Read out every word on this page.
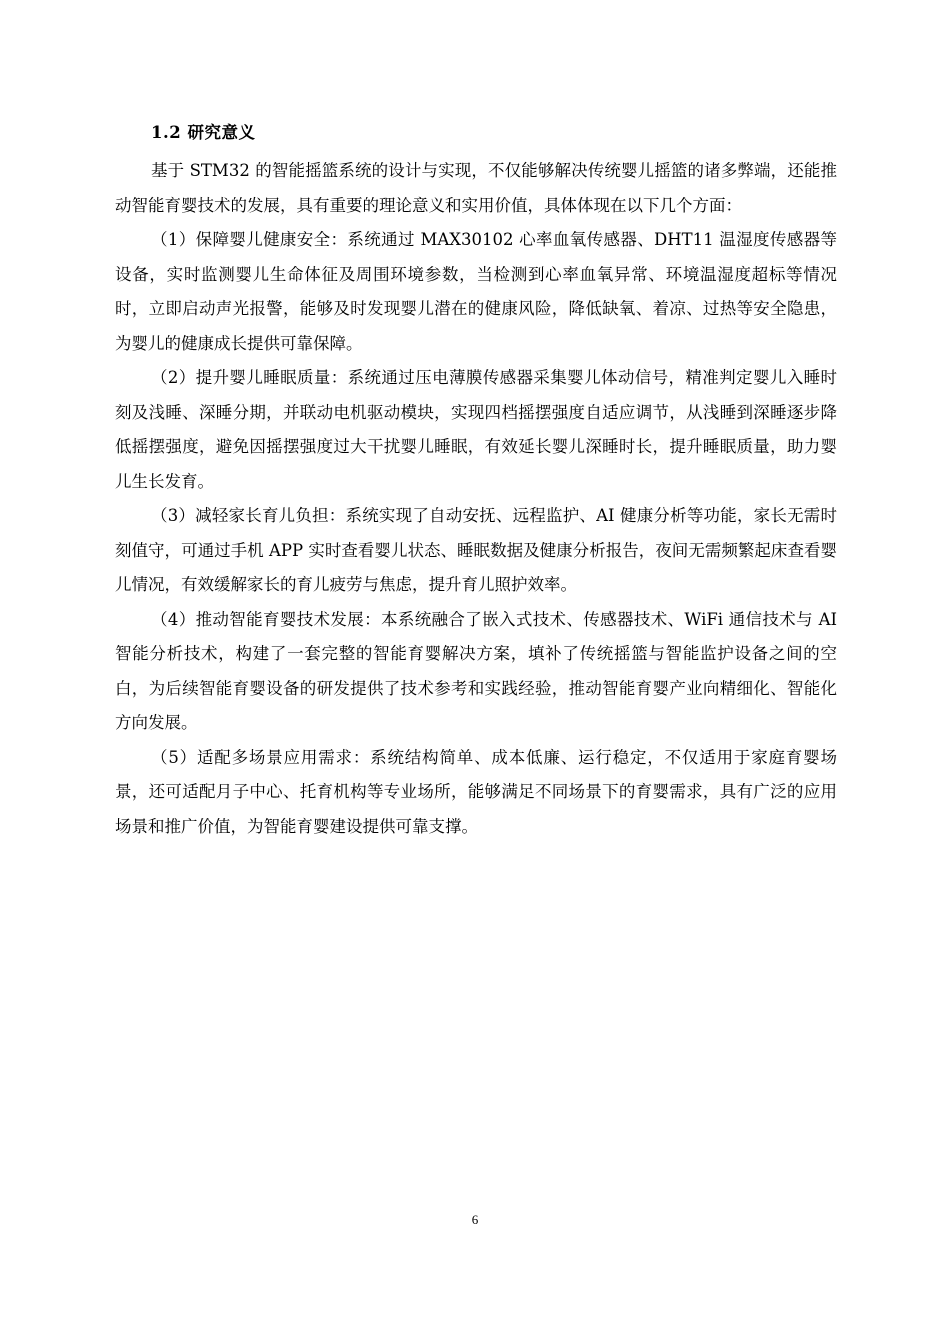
1.2 研究意义

基于 STM32 的智能摇篮系统的设计与实现，不仅能够解决传统婴儿摇篮的诸多弊端，还能推动智能育婴技术的发展，具有重要的理论意义和实用价值，具体体现在以下几个方面：

（1）保障婴儿健康安全：系统通过 MAX30102 心率血氧传感器、DHT11 温湿度传感器等设备，实时监测婴儿生命体征及周围环境参数，当检测到心率血氧异常、环境温湿度超标等情况时，立即启动声光报警，能够及时发现婴儿潜在的健康风险，降低缺氧、着凉、过热等安全隐患，为婴儿的健康成长提供可靠保障。

（2）提升婴儿睡眠质量：系统通过压电薄膜传感器采集婴儿体动信号，精准判定婴儿入睡时刻及浅睡、深睡分期，并联动电机驱动模块，实现四档摇摆强度自适应调节，从浅睡到深睡逐步降低摇摆强度，避免因摇摆强度过大干扰婴儿睡眠，有效延长婴儿深睡时长，提升睡眠质量，助力婴儿生长发育。

（3）减轻家长育儿负担：系统实现了自动安抚、远程监护、AI 健康分析等功能，家长无需时刻值守，可通过手机 APP 实时查看婴儿状态、睡眠数据及健康分析报告，夜间无需频繁起床查看婴儿情况，有效缓解家长的育儿疲劳与焦虑，提升育儿照护效率。

（4）推动智能育婴技术发展：本系统融合了嵌入式技术、传感器技术、WiFi 通信技术与 AI 智能分析技术，构建了一套完整的智能育婴解决方案，填补了传统摇篮与智能监护设备之间的空白，为后续智能育婴设备的研发提供了技术参考和实践经验，推动智能育婴产业向精细化、智能化方向发展。

（5）适配多场景应用需求：系统结构简单、成本低廉、运行稳定，不仅适用于家庭育婴场景，还可适配月子中心、托育机构等专业场所，能够满足不同场景下的育婴需求，具有广泛的应用场景和推广价值，为智能育婴建设提供可靠支撑。

6
